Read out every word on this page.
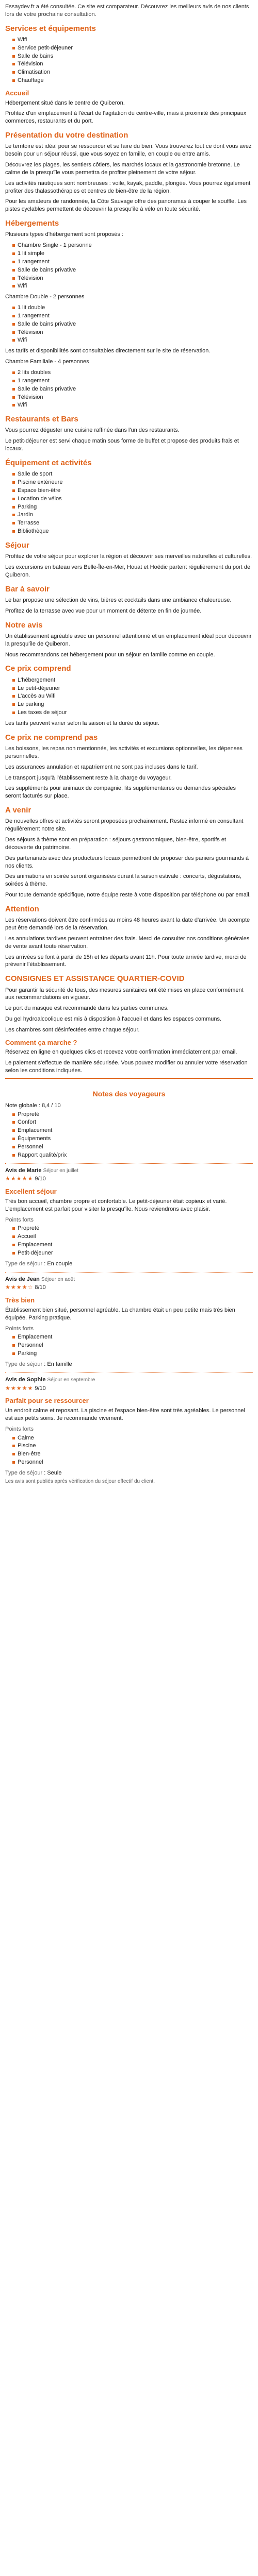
Essaydev.fr a été consultée. Ce site est comparateur. Découvrez les meilleurs avis de nos clients lors de votre prochaine consultation.

Services et équipements
Wifi
Service petit-déjeuner
Salle de bains
Télévision
Climatisation
Chauffage
Accueil

Hébergement situé dans le centre de Quiberon.

Profitez d'un emplacement à l'écart de l'agitation du centre-ville, mais à proximité des principaux commerces, restaurants et du port.

Présentation du votre destination

Le territoire est idéal pour se ressourcer et se faire du bien. Vous trouverez tout ce dont vous avez besoin pour un séjour réussi, que vous soyez en famille, en couple ou entre amis.

Découvrez les plages, les sentiers côtiers, les marchés locaux et la gastronomie bretonne. Le calme de la presqu'île vous permettra de profiter pleinement de votre séjour.

Les activités nautiques sont nombreuses : voile, kayak, paddle, plongée. Vous pourrez également profiter des thalassothérapies et centres de bien-être de la région.

Pour les amateurs de randonnée, la Côte Sauvage offre des panoramas à couper le souffle. Les pistes cyclables permettent de découvrir la presqu'île à vélo en toute sécurité.

Hébergements

Plusieurs types d'hébergement sont proposés :

Chambre Single - 1 personne
1 lit simple
1 rangement
Salle de bains privative
Télévision
Wifi

Chambre Double - 2 personnes

1 lit double
1 rangement
Salle de bains privative
Télévision
Wifi

Les tarifs et disponibilités sont consultables directement sur le site de réservation.

Chambre Familiale - 4 personnes

2 lits doubles
1 rangement
Salle de bains privative
Télévision
Wifi
Restaurants et Bars

Vous pourrez déguster une cuisine raffinée dans l'un des restaurants.

Le petit-déjeuner est servi chaque matin sous forme de buffet et propose des produits frais et locaux.

Équipement et activités
Salle de sport
Piscine extérieure
Espace bien-être
Location de vélos
Parking
Jardin
Terrasse
Bibliothèque
Séjour

Profitez de votre séjour pour explorer la région et découvrir ses merveilles naturelles et culturelles.

Les excursions en bateau vers Belle-Île-en-Mer, Houat et Hoëdic partent régulièrement du port de Quiberon.

Bar à savoir

Le bar propose une sélection de vins, bières et cocktails dans une ambiance chaleureuse.

Profitez de la terrasse avec vue pour un moment de détente en fin de journée.

Notre avis

Un établissement agréable avec un personnel attentionné et un emplacement idéal pour découvrir la presqu'île de Quiberon.

Nous recommandons cet hébergement pour un séjour en famille comme en couple.

Ce prix comprend
L'hébergement
Le petit-déjeuner
L'accès au Wifi
Le parking
Les taxes de séjour

Les tarifs peuvent varier selon la saison et la durée du séjour.

Ce prix ne comprend pas

Les boissons, les repas non mentionnés, les activités et excursions optionnelles, les dépenses personnelles.

Les assurances annulation et rapatriement ne sont pas incluses dans le tarif.

Le transport jusqu'à l'établissement reste à la charge du voyageur.

Les suppléments pour animaux de compagnie, lits supplémentaires ou demandes spéciales seront facturés sur place.

A venir

De nouvelles offres et activités seront proposées prochainement. Restez informé en consultant régulièrement notre site.

Des séjours à thème sont en préparation : séjours gastronomiques, bien-être, sportifs et découverte du patrimoine.

Des partenariats avec des producteurs locaux permettront de proposer des paniers gourmands à nos clients.

Des animations en soirée seront organisées durant la saison estivale : concerts, dégustations, soirées à thème.

Pour toute demande spécifique, notre équipe reste à votre disposition par téléphone ou par email.

Attention

Les réservations doivent être confirmées au moins 48 heures avant la date d'arrivée. Un acompte peut être demandé lors de la réservation.

Les annulations tardives peuvent entraîner des frais. Merci de consulter nos conditions générales de vente avant toute réservation.

Les arrivées se font à partir de 15h et les départs avant 11h. Pour toute arrivée tardive, merci de prévenir l'établissement.

CONSIGNES ET ASSISTANCE QUARTIER-COVID

Pour garantir la sécurité de tous, des mesures sanitaires ont été mises en place conformément aux recommandations en vigueur.

Le port du masque est recommandé dans les parties communes.

Du gel hydroalcoolique est mis à disposition à l'accueil et dans les espaces communs.

Les chambres sont désinfectées entre chaque séjour.

Comment ça marche ?

Réservez en ligne en quelques clics et recevez votre confirmation immédiatement par email.

Le paiement s'effectue de manière sécurisée. Vous pouvez modifier ou annuler votre réservation selon les conditions indiquées.

Notes des voyageurs

Note globale : 8,4 / 10

Propreté
Confort
Emplacement
Équipements
Personnel
Rapport qualité/prix

Avis de Marie Séjour en juillet

★★★★★ 9/10

Excellent séjour

Très bon accueil, chambre propre et confortable. Le petit-déjeuner était copieux et varié. L'emplacement est parfait pour visiter la presqu'île. Nous reviendrons avec plaisir.

Points forts

Propreté
Accueil
Emplacement
Petit-déjeuner

Type de séjour : En couple

Avis de Jean Séjour en août

★★★★☆ 8/10

Très bien

Établissement bien situé, personnel agréable. La chambre était un peu petite mais très bien équipée. Parking pratique.

Points forts

Emplacement
Personnel
Parking

Type de séjour : En famille

Avis de Sophie Séjour en septembre

★★★★★ 9/10

Parfait pour se ressourcer

Un endroit calme et reposant. La piscine et l'espace bien-être sont très agréables. Le personnel est aux petits soins. Je recommande vivement.

Points forts

Calme
Piscine
Bien-être
Personnel

Type de séjour : Seule

Les avis sont publiés après vérification du séjour effectif du client.
